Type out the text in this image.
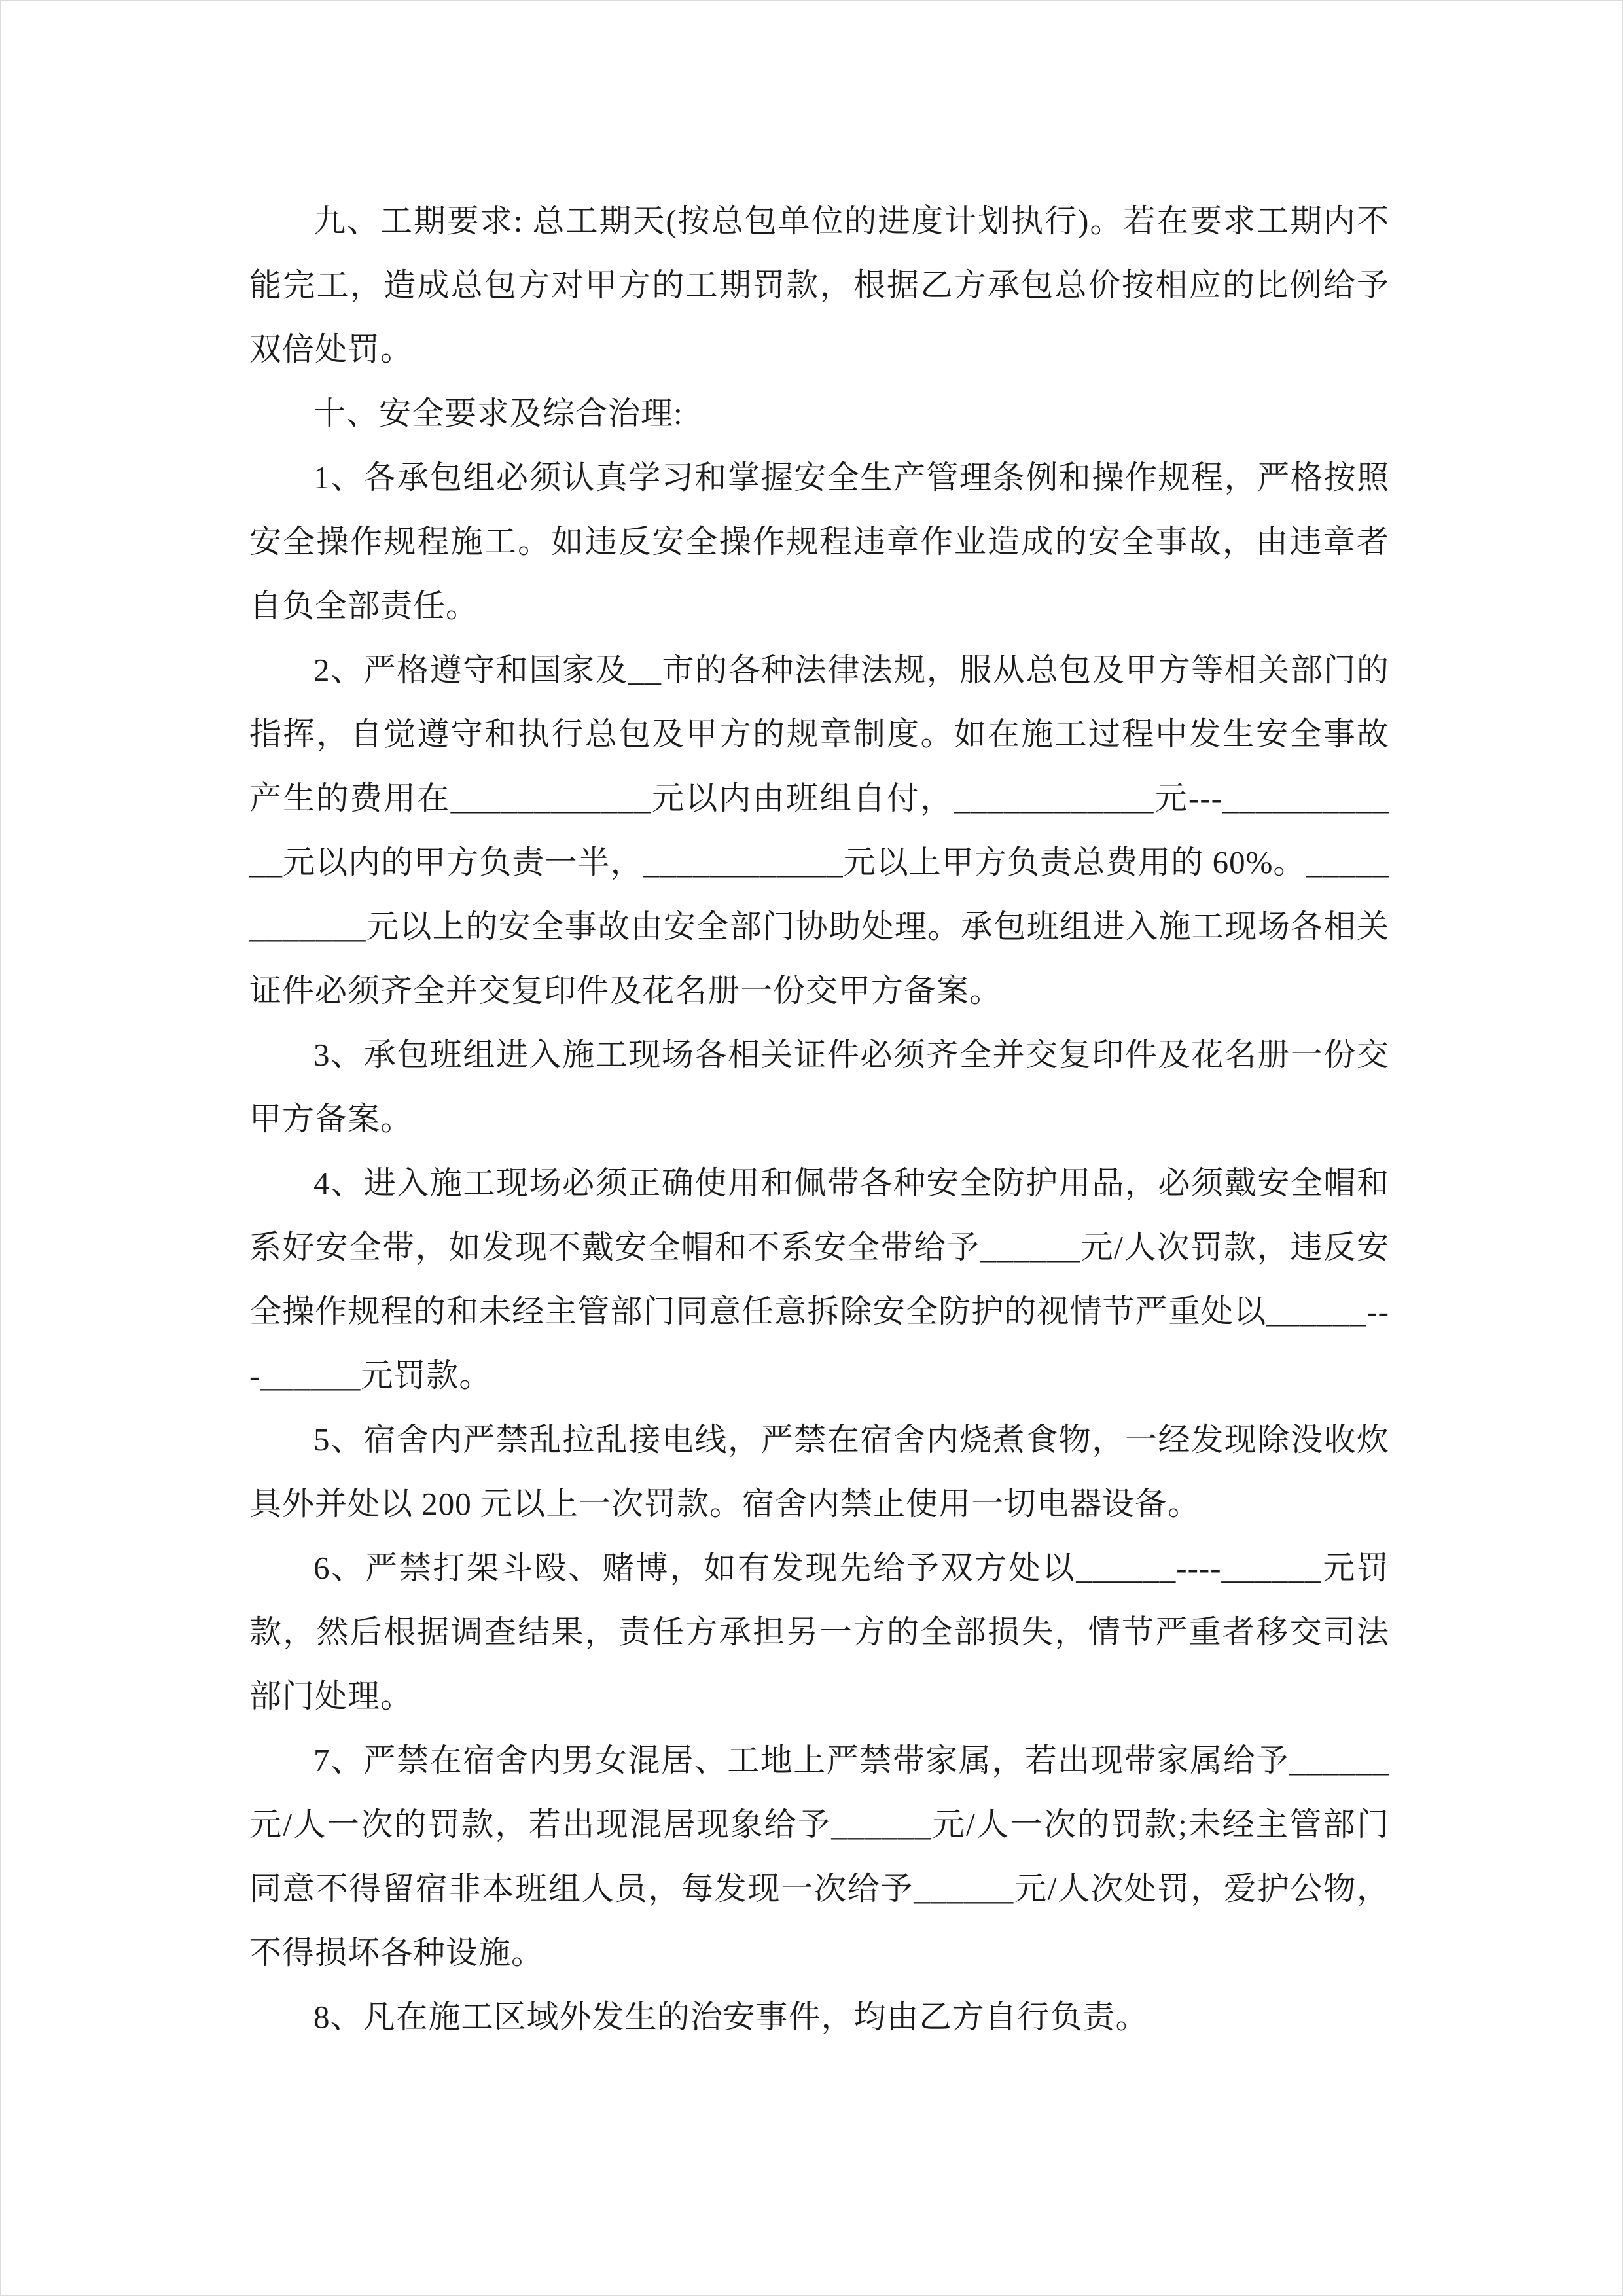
九、工期要求: 总工期天(按总包单位的进度计划执行)。若在要求工期内不能完工，造成总包方对甲方的工期罚款，根据乙方承包总价按相应的比例给予双倍处罚。

十、安全要求及综合治理:

1、各承包组必须认真学习和掌握安全生产管理条例和操作规程，严格按照安全操作规程施工。如违反安全操作规程违章作业造成的安全事故，由违章者自负全部责任。

2、严格遵守和国家及__市的各种法律法规，服从总包及甲方等相关部门的指挥，自觉遵守和执行总包及甲方的规章制度。如在施工过程中发生安全事故产生的费用在____________元以内由班组自付，____________元---____________元以内的甲方负责一半，____________元以上甲方负责总费用的 60%。____________元以上的安全事故由安全部门协助处理。承包班组进入施工现场各相关证件必须齐全并交复印件及花名册一份交甲方备案。

3、承包班组进入施工现场各相关证件必须齐全并交复印件及花名册一份交甲方备案。

4、进入施工现场必须正确使用和佩带各种安全防护用品，必须戴安全帽和系好安全带，如发现不戴安全帽和不系安全带给予______元/人次罚款，违反安全操作规程的和未经主管部门同意任意拆除安全防护的视情节严重处以______---______元罚款。

5、宿舍内严禁乱拉乱接电线，严禁在宿舍内烧煮食物，一经发现除没收炊具外并处以 200 元以上一次罚款。宿舍内禁止使用一切电器设备。

6、严禁打架斗殴、赌博，如有发现先给予双方处以______----______元罚款，然后根据调查结果，责任方承担另一方的全部损失，情节严重者移交司法部门处理。

7、严禁在宿舍内男女混居、工地上严禁带家属，若出现带家属给予______元/人一次的罚款，若出现混居现象给予______元/人一次的罚款;未经主管部门同意不得留宿非本班组人员，每发现一次给予______元/人次处罚，爱护公物，不得损坏各种设施。

8、凡在施工区域外发生的治安事件，均由乙方自行负责。
